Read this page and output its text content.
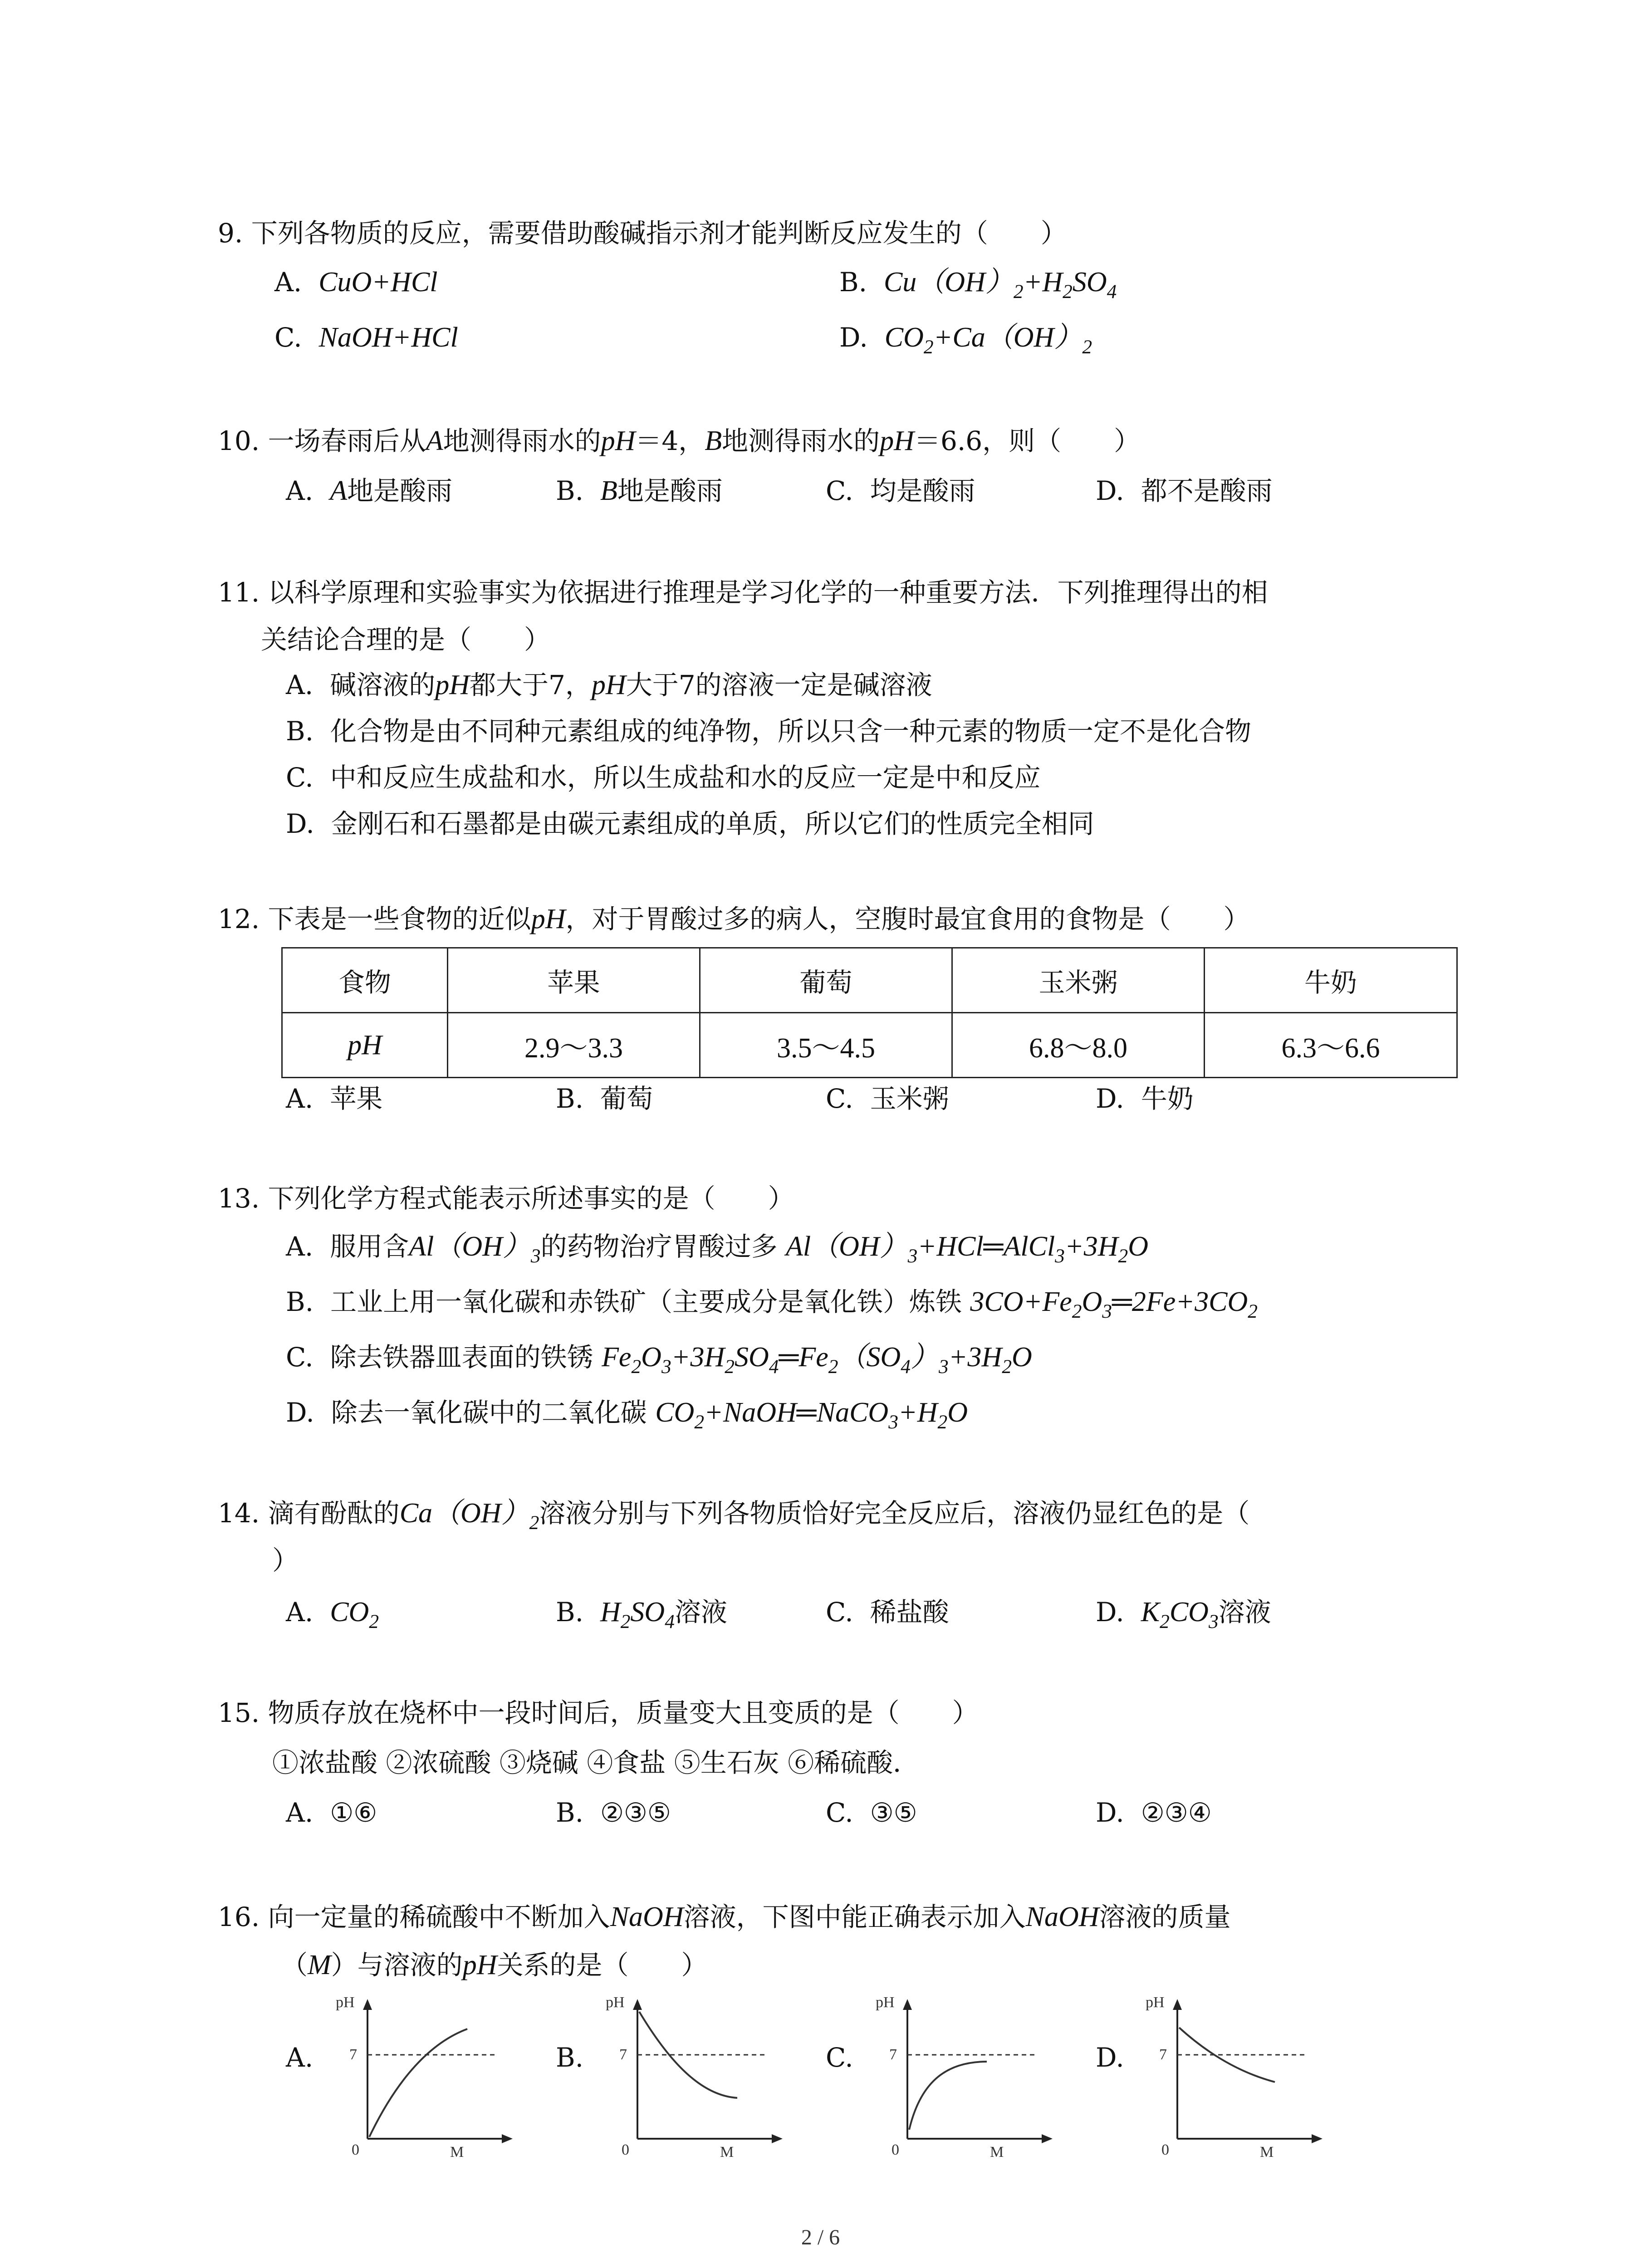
9. 下列各物质的反应，需要借助酸碱指示剂才能判断反应发生的（　　）
A. CuO+HCl	B. $Cu(OH)_2+H_2SO_4$
C. NaOH+HCl	D. $CO_2+Ca(OH)_2$
10. 一场春雨后从A地测得雨水的pH＝4，B地测得雨水的pH＝6.6，则（　　）
A. A地是酸雨	B. B地是酸雨	C. 均是酸雨	D. 都不是酸雨
11. 以科学原理和实验事实为依据进行推理是学习化学的一种重要方法．下列推理得出的相
关结论合理的是（　　）
A. 碱溶液的pH都大于7，pH大于7的溶液一定是碱溶液
B. 化合物是由不同种元素组成的纯净物，所以只含一种元素的物质一定不是化合物
C. 中和反应生成盐和水，所以生成盐和水的反应一定是中和反应
D. 金刚石和石墨都是由碳元素组成的单质，所以它们的性质完全相同
12. 下表是一些食物的近似pH，对于胃酸过多的病人，空腹时最宜食用的食物是（　　）
食物	苹果	葡萄	玉米粥	牛奶
pH	2.9～3.3	3.5～4.5	6.8～8.0	6.3～6.6
A. 苹果	B. 葡萄	C. 玉米粥	D. 牛奶
13. 下列化学方程式能表示所述事实的是（　　）
A. 服用含$Al(OH)_3$的药物治疗胃酸过多 $Al(OH)_3+HCl═AlCl_3+3H_2O$
B. 工业上用一氧化碳和赤铁矿（主要成分是氧化铁）炼铁 $3CO+Fe_2O_3═2Fe+3CO_2$
C. 除去铁器皿表面的铁锈 $Fe_2O_3+3H_2SO_4═Fe_2(SO_4)_3+3H_2O$
D. 除去一氧化碳中的二氧化碳 $CO_2+NaOH═NaCO_3+H_2O$
14. 滴有酚酞的$Ca(OH)_2$溶液分别与下列各物质恰好完全反应后，溶液仍显红色的是（
）
A. $CO_2$	B. $H_2SO_4$溶液	C. 稀盐酸	D. $K_2CO_3$溶液
15. 物质存放在烧杯中一段时间后，质量变大且变质的是（　　）
①浓盐酸 ②浓硫酸 ③烧碱 ④食盐 ⑤生石灰 ⑥稀硫酸．
A. ①⑥	B. ②③⑤	C. ③⑤	D. ②③④
16. 向一定量的稀硫酸中不断加入NaOH溶液，下图中能正确表示加入NaOH溶液的质量
（M）与溶液的pH关系的是（　　）
A.	B.	C.	D.
pH
7
0	M
pH
7
0	M
pH
7
0	M
pH
7
0	M
2 / 6
